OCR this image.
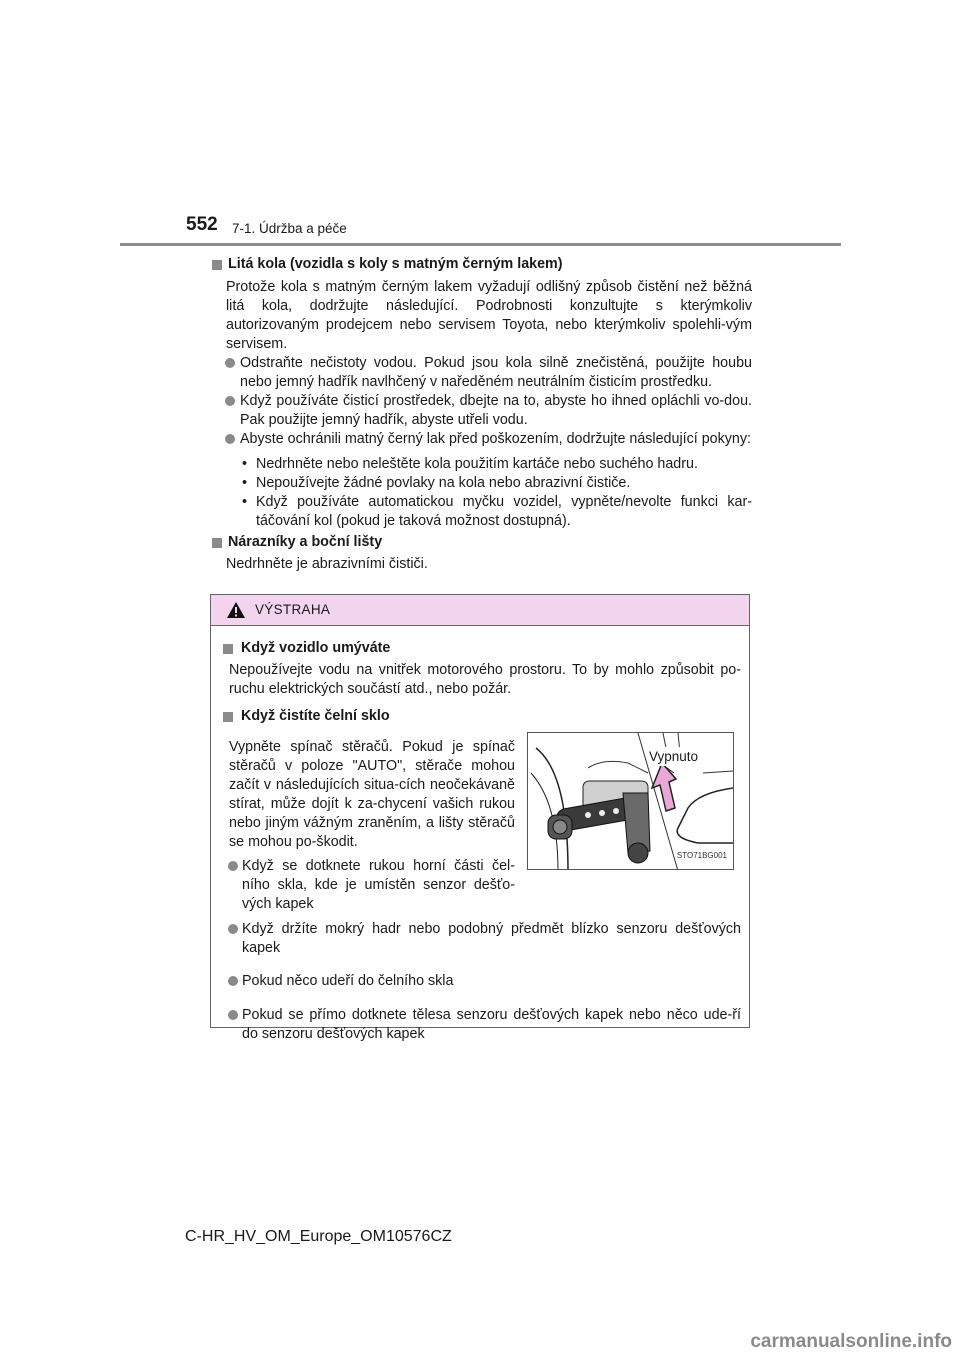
552 7-1. Údržba a péče

Litá kola (vozidla s koly s matným černým lakem)

Protože kola s matným černým lakem vyžadují odlišný způsob čistění než běžná litá kola, dodržujte následující. Podrobnosti konzultujte s kterýmkoliv autorizovaným prodejcem nebo servisem Toyota, nebo kterýmkoliv spolehli-vým servisem.

Odstraňte nečistoty vodou. Pokud jsou kola silně znečistěná, použijte houbu nebo jemný hadřík navlhčený v naředěném neutrálním čisticím prostředku.

Když používáte čisticí prostředek, dbejte na to, abyste ho ihned opláchli vo-dou. Pak použijte jemný hadřík, abyste utřeli vodu.

Abyste ochránili matný černý lak před poškozením, dodržujte následující pokyny:

• Nedrhněte nebo neleštěte kola použitím kartáče nebo suchého hadru.
• Nepoužívejte žádné povlaky na kola nebo abrazivní čističe.
• Když používáte automatickou myčku vozidel, vypněte/nevolte funkci kar-táčování kol (pokud je taková možnost dostupná).

Nárazníky a boční lišty

Nedrhněte je abrazivními čističi.

VÝSTRAHA

Když vozidlo umýváte

Nepoužívejte vodu na vnitřek motorového prostoru. To by mohlo způsobit po-ruchu elektrických součástí atd., nebo požár.

Když čistíte čelní sklo

Vypněte spínač stěračů. Pokud je spínač stěračů v poloze "AUTO", stěrače mohou začít v následujících situa-cích neočekávaně stírat, může dojít k za-chycení vašich rukou nebo jiným vážným zraněním, a lišty stěračů se mohou po-škodit.

Když se dotknete rukou horní části čel-ního skla, kde je umístěn senzor dešťo-vých kapek

Vypnuto
STO71BG001

Když držíte mokrý hadr nebo podobný předmět blízko senzoru dešťových kapek

Pokud něco udeří do čelního skla

Pokud se přímo dotknete tělesa senzoru dešťových kapek nebo něco ude-ří do senzoru dešťových kapek

C-HR_HV_OM_Europe_OM10576CZ
carmanualsonline.info
